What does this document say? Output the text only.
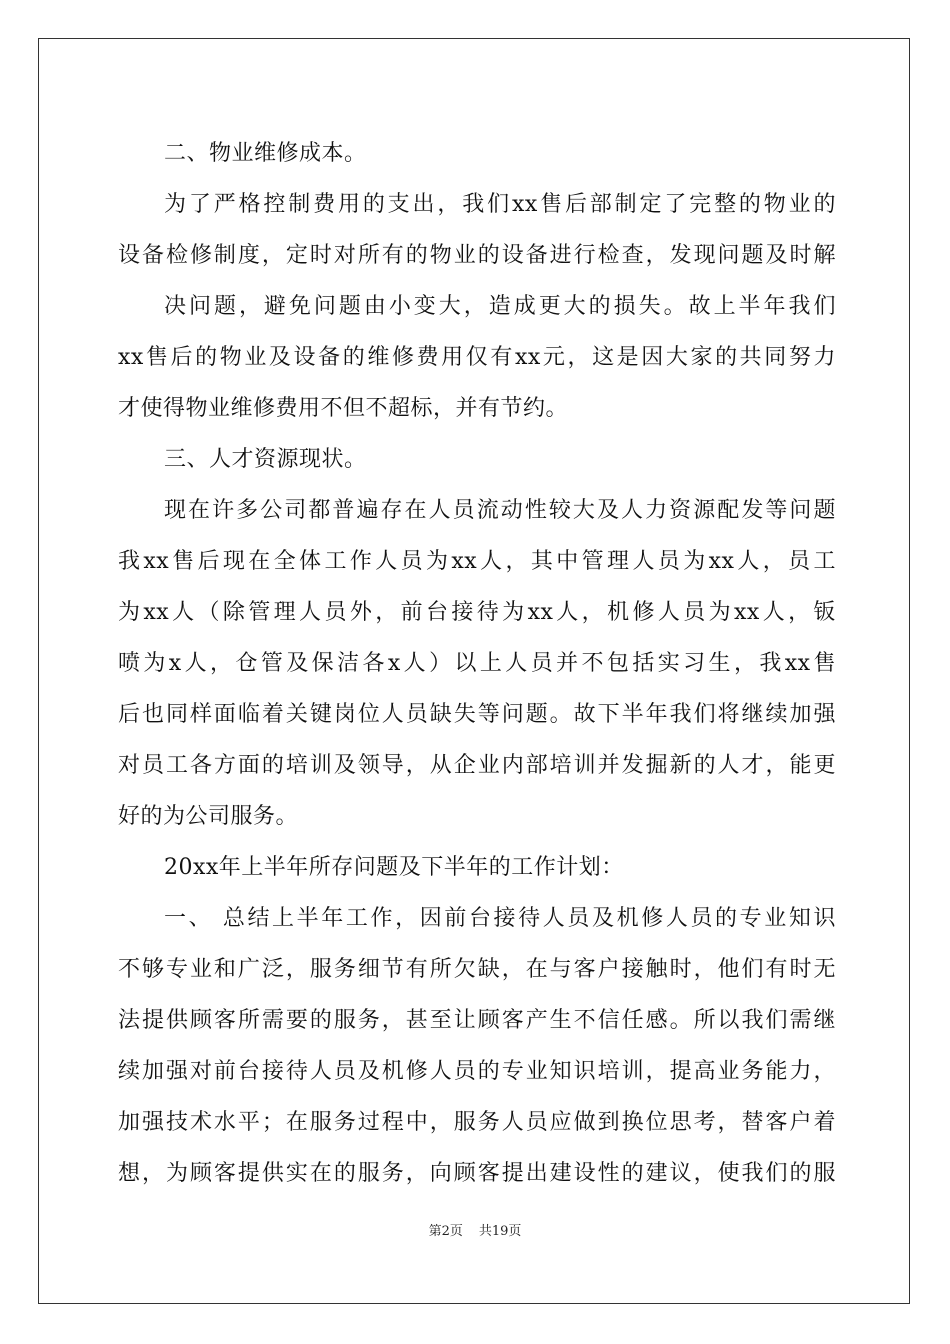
二、物业维修成本。
为了严格控制费用的支出，我们xx售后部制定了完整的物业的
设备检修制度，定时对所有的物业的设备进行检查，发现问题及时解
决问题，避免问题由小变大，造成更大的损失。故上半年我们
xx售后的物业及设备的维修费用仅有xx元，这是因大家的共同努力
才使得物业维修费用不但不超标，并有节约。
三、人才资源现状。
现在许多公司都普遍存在人员流动性较大及人力资源配发等问题
我xx售后现在全体工作人员为xx人，其中管理人员为xx人，员工
为xx人（除管理人员外，前台接待为xx人，机修人员为xx人，钣
喷为x人，仓管及保洁各x人）以上人员并不包括实习生，我xx售
后也同样面临着关键岗位人员缺失等问题。故下半年我们将继续加强
对员工各方面的培训及领导，从企业内部培训并发掘新的人才，能更
好的为公司服务。
20xx年上半年所存问题及下半年的工作计划：
一、 总结上半年工作，因前台接待人员及机修人员的专业知识
不够专业和广泛，服务细节有所欠缺，在与客户接触时，他们有时无
法提供顾客所需要的服务，甚至让顾客产生不信任感。所以我们需继
续加强对前台接待人员及机修人员的专业知识培训，提高业务能力，
加强技术水平；在服务过程中，服务人员应做到换位思考，替客户着
想，为顾客提供实在的服务，向顾客提出建设性的建议，使我们的服
第2页 共19页
